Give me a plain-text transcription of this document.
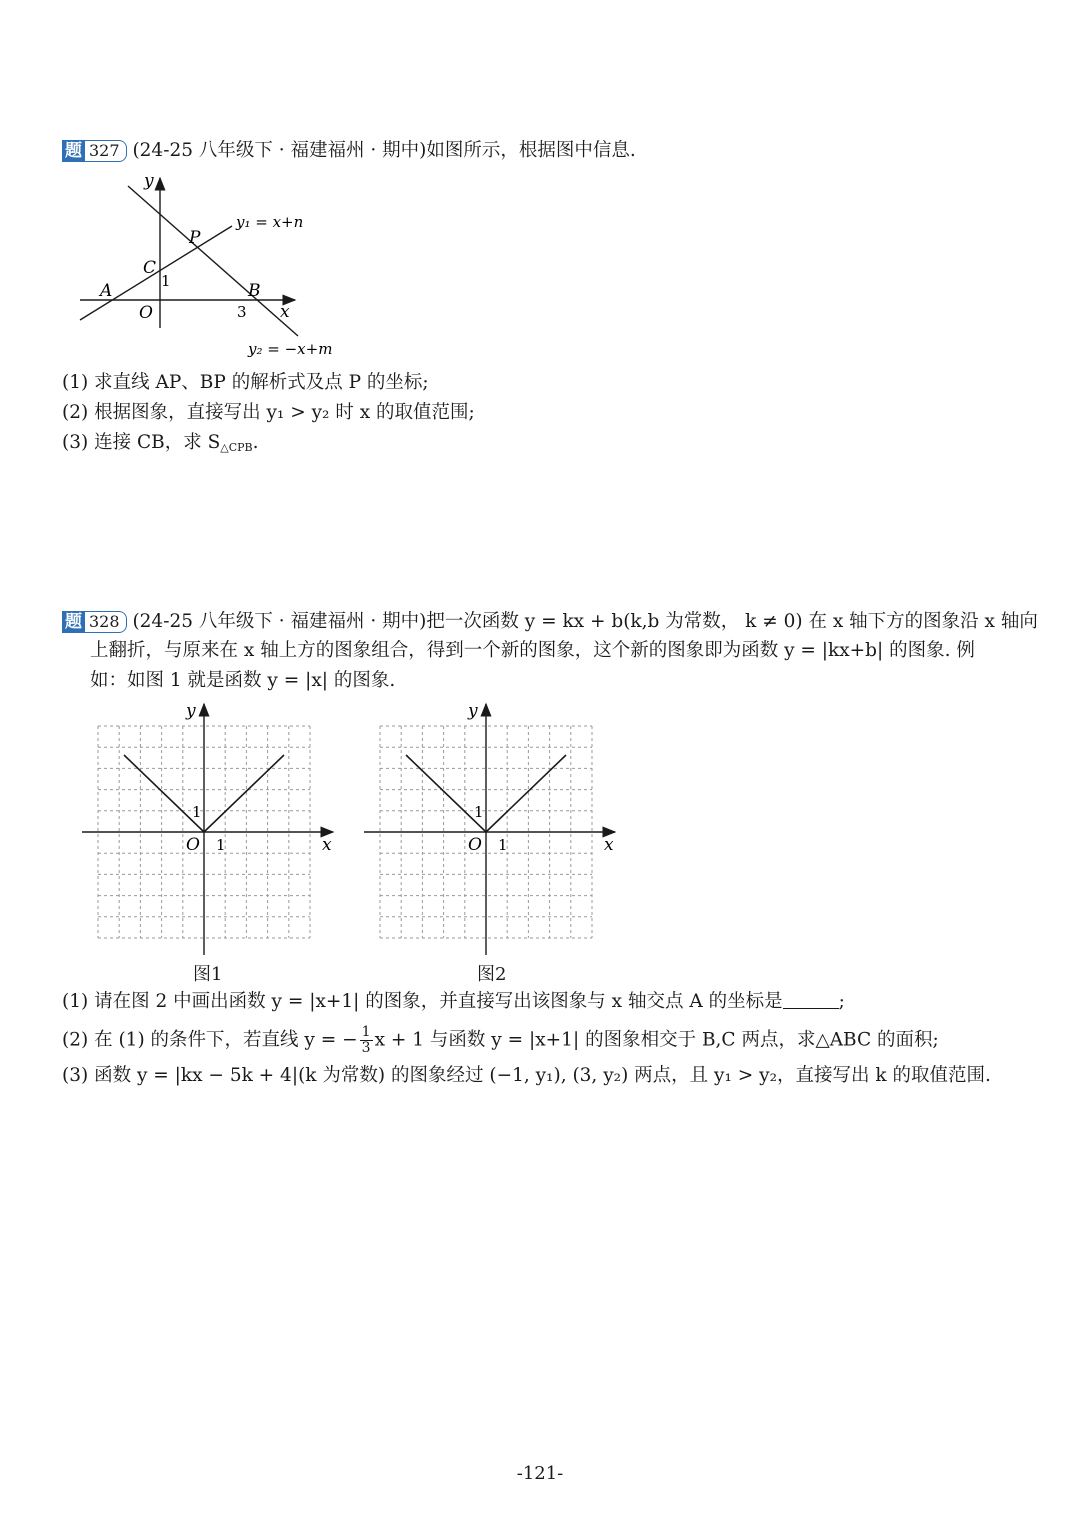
题 327 (24-25 八年级下 · 福建福州 · 期中)如图所示，根据图中信息.
y
x
O
A	B
C
P
1
3
y₁ = x+n
y₂ = −x+m
(1) 求直线 AP、BP 的解析式及点 P 的坐标;
(2) 根据图象，直接写出 y₁ > y₂ 时 x 的取值范围;
(3) 连接 CB，求 $S_{\triangle CPB}$.
题 328 (24-25 八年级下 · 福建福州 · 期中)把一次函数 y = kx + b(k,b 为常数， k ≠ 0) 在 x 轴下方的图象沿 x 轴向
上翻折，与原来在 x 轴上方的图象组合，得到一个新的图象，这个新的图象即为函数 y = |kx+b| 的图象. 例
如：如图 1 就是函数 y = |x| 的图象.
y
x
O 1
1
y
x
O 1
1
图1	图2
(1) 请在图 2 中画出函数 y = |x+1| 的图象，并直接写出该图象与 x 轴交点 A 的坐标是	;
(2) 在 (1) 的条件下，若直线 y = − $\frac{1}{3}$ x + 1 与函数 y = |x+1| 的图象相交于 B,C 两点，求△ABC 的面积;
(3) 函数 y = |kx − 5k + 4|(k 为常数) 的图象经过 (−1, y₁), (3, y₂) 两点，且 y₁ > y₂，直接写出 k 的取值范围.
-121-
